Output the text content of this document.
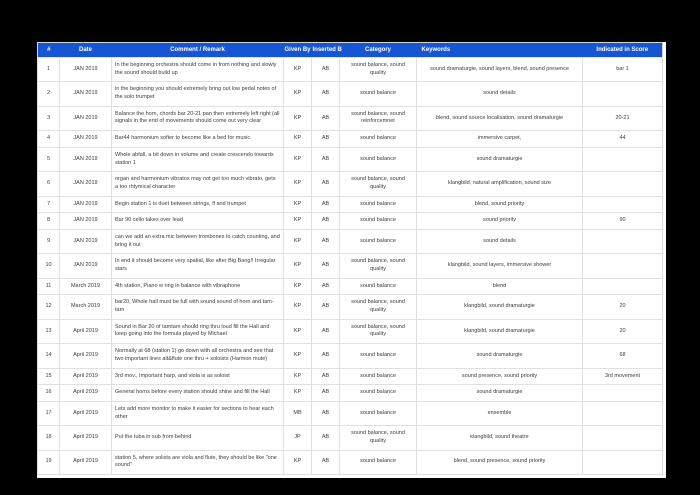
#	Date	Comment / Remark	Given By	Inserted B	Category	Keywords	Indicated in Score
1	JAN 2019	In the beginning orchestra should come in from nothing and slowly the sound should build up	KP	AB	sound balance, sound quality	sound dramaturgie, sound layers, blend, sound presence	bar 1
2	JAN 2019	in the beginning you should extremely bring out low pedal notes of the solo trumpet	KP	AB	sound balance	sound details	
3	JAN 2019	Balance the horn, chords bar 20-21 pan then extremely left right (all signals in the end of movements should come out very clear	KP	AB	sound balance, sound reinforcemnet	blend, sound source localisation, sound dramaturgie	20-21
4	JAN 2019	Bar44 harmonium softer to become like a bed for music.	KP	AB	sound balance	immersive carpet,	44
5	JAN 2019	Whole abfall, a bit down in volume and create crescendo towards station 1	KP	AB	sound balance	sound dramaturgie	
6	JAN 2019	organ and harmonium vibratos may not get too much vibrato, gets a too rhtymical character	KP	AB	sound balance, sound quality	klangbild, natural amplification, sound size	
7	JAN 2019	Begin station 1 is duet between strings, fl and trumpet	KP	AB	sound balance	blend, sound priority	
8	JAN 2019	Bar 90 cello takes over lead	KP	AB	sound balance	sound priority	90
9	JAN 2019	can we add an extra mic between trombones to catch counting, and bring it out	KP	AB	sound balance	sound details	
10	JAN 2019	In end it should become very spatial, like after Big Bang!! Irregular stars	KP	AB	sound balance, sound quality	klangbild, sound layers, immersive shower	
11	March 2019	4th station, Piano w ring in balance with vibraphone	KP	AB	sound balance	blend	
12	March 2019	bar20, Whole hall must be full with sound sound of horn and tam-tam	KP	AB	sound balance, sound quality	klangbild, sound dramaturgie	20
13	April 2019	Sound in Bar 20 of tamtam should ring thru loud fill the Hall and keep going into the formula played by Michael	KP	AB	sound balance, sound quality	klangbild, sound dramaturgie	20
14	April 2019	Normally at 68 (station 1) go down with all orchestra and see that two important lines alt&flute one thru + soloists (Harmon mute)	KP	AB	sound balance	sound dramaturgie	68
15	April 2019	3rd mov., Important harp, and viola is as soloist	KP	AB	sound balance	sound presence, sound priority	3rd movement
16	April 2019	General horns before every station should shine and fill the Hall	KP	AB	sound balance	sound dramaturgie	
17	April 2019	Lets add more monitor to make it easier for sections to hear each other	MB	AB	sound balance	ensemble	
18	April 2019	Put the tuba in sub from behind	JP	AB	sound balance, sound quality	klangbild, sound theatre	
19	April 2019	station 5, where solists are viola and flute, they should be like "one sound"	KP	AB	sound balance	blend, sound presence, sound priority	
